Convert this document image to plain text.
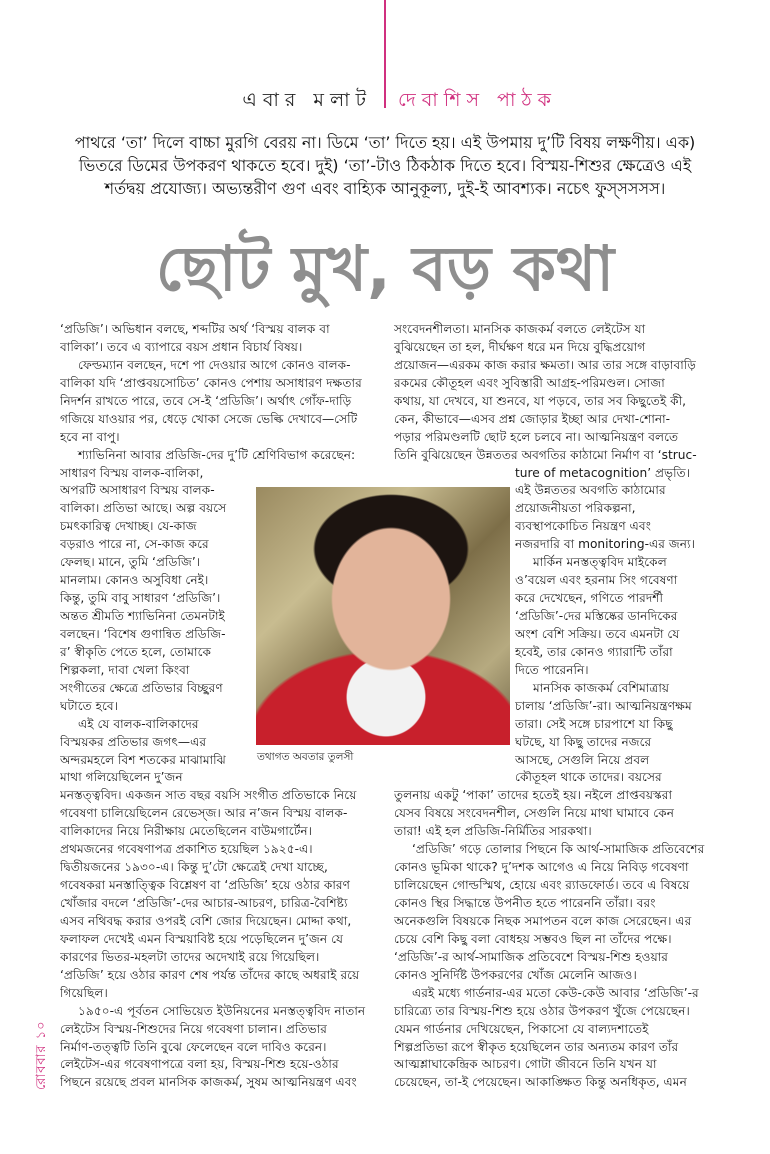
এবার মলাট দেবাশিস পাঠক
পাথরে ‘তা’ দিলে বাচ্চা মুরগি বেরয় না। ডিমে ‘তা’ দিতে হয়। এই উপমায় দু’টি বিষয় লক্ষণীয়। এক) ভিতরে ডিমের উপকরণ থাকতে হবে। দুই) ‘তা’-টাও ঠিকঠাক দিতে হবে। বিস্ময়-শিশুর ক্ষেত্রেও এই শর্তদ্বয় প্রযোজ্য। অভ্যন্তরীণ গুণ এবং বাহ্যিক আনুকূল্য, দুই-ই আবশ্যক। নচেৎ ফুস্‌সসসস।
ছোট মুখ, বড় কথা
‘প্রডিজি’। অভিধান বলছে, শব্দটির অর্থ ‘বিস্ময় বালক বা
বালিকা’। তবে এ ব্যাপারে বয়স প্রধান বিচার্য বিষয়।
ফেল্ডম্যান বলছেন, দশে পা দেওয়ার আগে কোনও বালক-
বালিকা যদি ‘প্রাপ্তবয়সোচিত’ কোনও পেশায় অসাধারণ দক্ষতার
নিদর্শন রাখতে পারে, তবে সে-ই ‘প্রডিজি’। অর্থাৎ গোঁফ-দাড়ি
গজিয়ে যাওয়ার পর, ধেড়ে খোকা সেজে ভেল্কি দেখাবে—সেটি
হবে না বাপু।
শ্যাভিনিনা আবার প্রডিজি-দের দু’টি শ্রেণিবিভাগ করেছেন:
সাধারণ বিস্ময় বালক-বালিকা,
অপরটি অসাধারণ বিস্ময় বালক-
বালিকা। প্রতিভা আছে। অল্প বয়সে
চমৎকারিত্ব দেখাচ্ছ। যে-কাজ
বড়রাও পারে না, সে-কাজ করে
ফেলছ। মানে, তুমি ‘প্রডিজি’।
মানলাম। কোনও অসুবিধা নেই।
কিন্তু, তুমি বাবু সাধারণ ‘প্রডিজি’।
অন্তত শ্রীমতি শ্যাভিনিনা তেমনটাই
বলছেন। ‘বিশেষ গুণান্বিত প্রডিজি-
র’ স্বীকৃতি পেতে হলে, তোমাকে
শিল্পকলা, দাবা খেলা কিংবা
সংগীতের ক্ষেত্রে প্রতিভার বিচ্ছুরণ
ঘটাতে হবে।
এই যে বালক-বালিকাদের
বিস্ময়কর প্রতিভার জগৎ—এর
অন্দরমহলে বিশ শতকের মাঝামাঝি
মাথা গলিয়েছিলেন দু’জন
মনস্তত্ত্ববিদ। একজন সাত বছর বয়সি সংগীত প্রতিভাকে নিয়ে
গবেষণা চালিয়েছিলেন রেভেস্‌জ। আর ন’জন বিস্ময় বালক-
বালিকাদের নিয়ে নিরীক্ষায় মেতেছিলেন বাউমগার্টেন।
প্রথমজনের গবেষণাপত্র প্রকাশিত হয়েছিল ১৯২৫-এ।
দ্বিতীয়জনের ১৯৩০-এ। কিন্তু দু’টো ক্ষেত্রেই দেখা যাচ্ছে,
গবেষকরা মনস্তাত্ত্বিক বিশ্লেষণ বা ‘প্রডিজি’ হয়ে ওঠার কারণ
খোঁজার বদলে ‘প্রডিজি’-দের আচার-আচরণ, চারিত্র-বৈশিষ্ট্য
এসব নথিবদ্ধ করার ওপরই বেশি জোর দিয়েছেন। মোদ্দা কথা,
ফলাফল দেখেই এমন বিস্ময়াবিষ্ট হয়ে পড়েছিলেন দু’জন যে
কারণের ভিতর-মহলটা তাদের অদেখাই রয়ে গিয়েছিল।
‘প্রডিজি’ হয়ে ওঠার কারণ শেষ পর্যন্ত তাঁদের কাছে অধরাই রয়ে
গিয়েছিল।
১৯৫০-এ পূর্বতন সোভিয়েত ইউনিয়নের মনস্তত্ত্ববিদ নাতান
লেইটেস বিস্ময়-শিশুদের নিয়ে গবেষণা চালান। প্রতিভার
নির্মাণ-তত্ত্বটি তিনি বুঝে ফেলেছেন বলে দাবিও করেন।
লেইটেস-এর গবেষণাপত্রে বলা হয়, বিস্ময়-শিশু হয়ে-ওঠার
পিছনে রয়েছে প্রবল মানসিক কাজকর্ম, সুষম আত্মনিয়ন্ত্রণ এবং
সংবেদনশীলতা। মানসিক কাজকর্ম বলতে লেইটেস যা
বুঝিয়েছেন তা হল, দীর্ঘক্ষণ ধরে মন দিয়ে বুদ্ধিপ্রয়োগ
প্রয়োজন—এরকম কাজ করার ক্ষমতা। আর তার সঙ্গে বাড়াবাড়ি
রকমের কৌতূহল এবং সুবিস্তারী আগ্রহ-পরিমণ্ডল। সোজা
কথায়, যা দেখবে, যা শুনবে, যা পড়বে, তার সব কিছুতেই কী,
কেন, কীভাবে—এসব প্রশ্ন জোড়ার ইচ্ছা আর দেখা-শোনা-
পড়ার পরিমণ্ডলটি ছোট হলে চলবে না। আত্মনিয়ন্ত্রণ বলতে
তিনি বুঝিয়েছেন উন্নততর অবগতির কাঠামো নির্মাণ বা ‘struc-
ture of metacognition’ প্রভৃতি।
এই উন্নততর অবগতি কাঠামোর
প্রয়োজনীয়তা পরিকল্পনা,
ব্যবস্থাপকোচিত নিয়ন্ত্রণ এবং
নজরদারি বা monitoring-এর জন্য।
মার্কিন মনস্তত্ত্ববিদ মাইকেল
ও’বয়েল এবং হরনাম সিং গবেষণা
করে দেখেছেন, গণিতে পারদর্শী
‘প্রডিজি’-দের মস্তিষ্কের ডানদিকের
অংশ বেশি সক্রিয়। তবে এমনটা যে
হবেই, তার কোনও গ্যারান্টি তাঁরা
দিতে পারেননি।
মানসিক কাজকর্ম বেশিমাত্রায়
চালায় ‘প্রডিজি’-রা। আত্মনিয়ন্ত্রণক্ষম
তারা। সেই সঙ্গে চারপাশে যা কিছু
ঘটছে, যা কিছু তাদের নজরে
আসছে, সেগুলি নিয়ে প্রবল
কৌতূহল থাকে তাদের। বয়সের
তুলনায় একটু ‘পাকা’ তাদের হতেই হয়। নইলে প্রাপ্তবয়স্করা
যেসব বিষয়ে সংবেদনশীল, সেগুলি নিয়ে মাথা ঘামাবে কেন
তারা! এই হল প্রডিজি-নির্মিতির সারকথা।
‘প্রডিজি’ গড়ে তোলার পিছনে কি আর্থ-সামাজিক প্রতিবেশের
কোনও ভূমিকা থাকে? দু’দশক আগেও এ নিয়ে নিবিড় গবেষণা
চালিয়েছেন গোল্ডস্মিথ, হোয়ে এবং র‍্যাডফোর্ড। তবে এ বিষয়ে
কোনও স্থির সিদ্ধান্তে উপনীত হতে পারেননি তাঁরা। বরং
অনেকগুলি বিষয়কে নিছক সমাপতন বলে কাজ সেরেছেন। এর
চেয়ে বেশি কিছু বলা বোধহয় সম্ভবও ছিল না তাঁদের পক্ষে।
‘প্রডিজি’-র আর্থ-সামাজিক প্রতিবেশে বিস্ময়-শিশু হওয়ার
কোনও সুনির্দিষ্ট উপকরণের খোঁজ মেলেনি আজও।
এরই মধ্যে গার্ডনার-এর মতো কেউ-কেউ আবার ‘প্রডিজি’-র
চারিত্র্যে তার বিস্ময়-শিশু হয়ে ওঠার উপকরণ খুঁজে পেয়েছেন।
যেমন গার্ডনার দেখিয়েছেন, পিকাসো যে বাল্যদশাতেই
শিল্পপ্রতিভা রূপে স্বীকৃত হয়েছিলেন তার অন্যতম কারণ তাঁর
আত্মশ্লাঘাকেন্দ্রিক আচরণ। গোটা জীবনে তিনি যখন যা
চেয়েছেন, তা-ই পেয়েছেন। আকাঙ্ক্ষিত কিন্তু অনধিকৃত, এমন
তথাগত অবতার তুলসী
রোববার ১০
